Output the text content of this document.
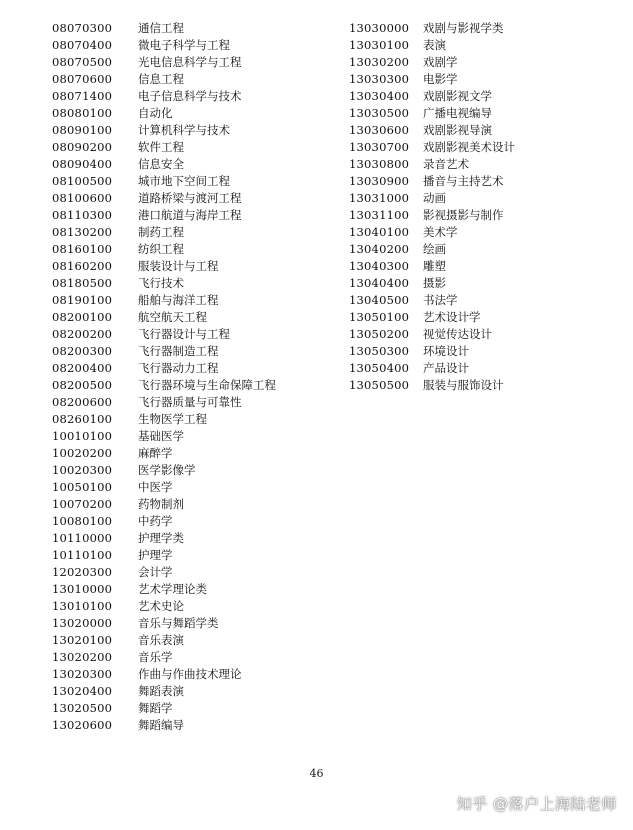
08070300 通信工程
08070400 微电子科学与工程
08070500 光电信息科学与工程
08070600 信息工程
08071400 电子信息科学与技术
08080100 自动化
08090100 计算机科学与技术
08090200 软件工程
08090400 信息安全
08100500 城市地下空间工程
08100600 道路桥梁与渡河工程
08110300 港口航道与海岸工程
08130200 制药工程
08160100 纺织工程
08160200 服装设计与工程
08180500 飞行技术
08190100 船舶与海洋工程
08200100 航空航天工程
08200200 飞行器设计与工程
08200300 飞行器制造工程
08200400 飞行器动力工程
08200500 飞行器环境与生命保障工程
08200600 飞行器质量与可靠性
08260100 生物医学工程
10010100 基础医学
10020200 麻醉学
10020300 医学影像学
10050100 中医学
10070200 药物制剂
10080100 中药学
10110000 护理学类
10110100 护理学
12020300 会计学
13010000 艺术学理论类
13010100 艺术史论
13020000 音乐与舞蹈学类
13020100 音乐表演
13020200 音乐学
13020300 作曲与作曲技术理论
13020400 舞蹈表演
13020500 舞蹈学
13020600 舞蹈编导
13030000 戏剧与影视学类
13030100 表演
13030200 戏剧学
13030300 电影学
13030400 戏剧影视文学
13030500 广播电视编导
13030600 戏剧影视导演
13030700 戏剧影视美术设计
13030800 录音艺术
13030900 播音与主持艺术
13031000 动画
13031100 影视摄影与制作
13040100 美术学
13040200 绘画
13040300 雕塑
13040400 摄影
13040500 书法学
13050100 艺术设计学
13050200 视觉传达设计
13050300 环境设计
13050400 产品设计
13050500 服装与服饰设计
46
知乎 @落户上海陆老师
